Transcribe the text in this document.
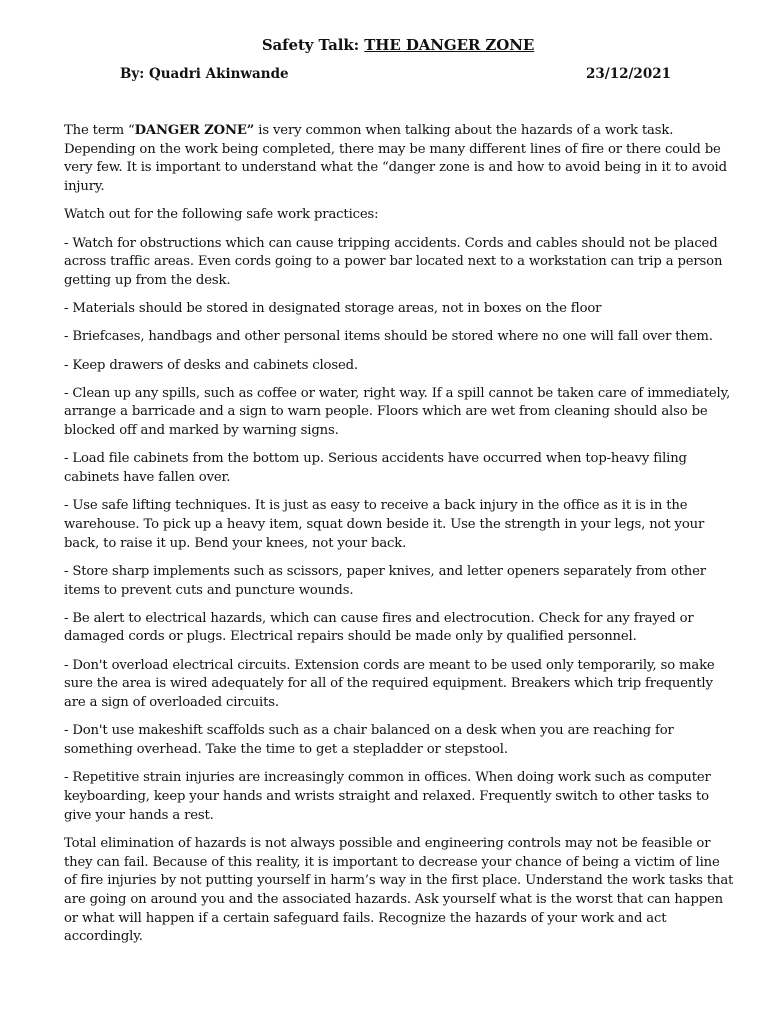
Safety Talk: THE DANGER ZONE
By: Quadri Akinwande	23/12/2021

The term “DANGER ZONE” is very common when talking about the hazards of a work task. Depending on the work being completed, there may be many different lines of fire or there could be very few. It is important to understand what the “danger zone is and how to avoid being in it to avoid injury.

Watch out for the following safe work practices:

- Watch for obstructions which can cause tripping accidents. Cords and cables should not be placed across traffic areas. Even cords going to a power bar located next to a workstation can trip a person getting up from the desk.

- Materials should be stored in designated storage areas, not in boxes on the floor

- Briefcases, handbags and other personal items should be stored where no one will fall over them.

- Keep drawers of desks and cabinets closed.

- Clean up any spills, such as coffee or water, right way. If a spill cannot be taken care of immediately, arrange a barricade and a sign to warn people. Floors which are wet from cleaning should also be blocked off and marked by warning signs.

- Load file cabinets from the bottom up. Serious accidents have occurred when top-heavy filing cabinets have fallen over.

- Use safe lifting techniques. It is just as easy to receive a back injury in the office as it is in the warehouse. To pick up a heavy item, squat down beside it. Use the strength in your legs, not your back, to raise it up. Bend your knees, not your back.

- Store sharp implements such as scissors, paper knives, and letter openers separately from other items to prevent cuts and puncture wounds.

- Be alert to electrical hazards, which can cause fires and electrocution. Check for any frayed or damaged cords or plugs. Electrical repairs should be made only by qualified personnel.

- Don't overload electrical circuits. Extension cords are meant to be used only temporarily, so make sure the area is wired adequately for all of the required equipment. Breakers which trip frequently are a sign of overloaded circuits.

- Don't use makeshift scaffolds such as a chair balanced on a desk when you are reaching for something overhead. Take the time to get a stepladder or stepstool.

- Repetitive strain injuries are increasingly common in offices. When doing work such as computer keyboarding, keep your hands and wrists straight and relaxed. Frequently switch to other tasks to give your hands a rest.

Total elimination of hazards is not always possible and engineering controls may not be feasible or they can fail. Because of this reality, it is important to decrease your chance of being a victim of line of fire injuries by not putting yourself in harm’s way in the first place. Understand the work tasks that are going on around you and the associated hazards. Ask yourself what is the worst that can happen or what will happen if a certain safeguard fails. Recognize the hazards of your work and act accordingly.
